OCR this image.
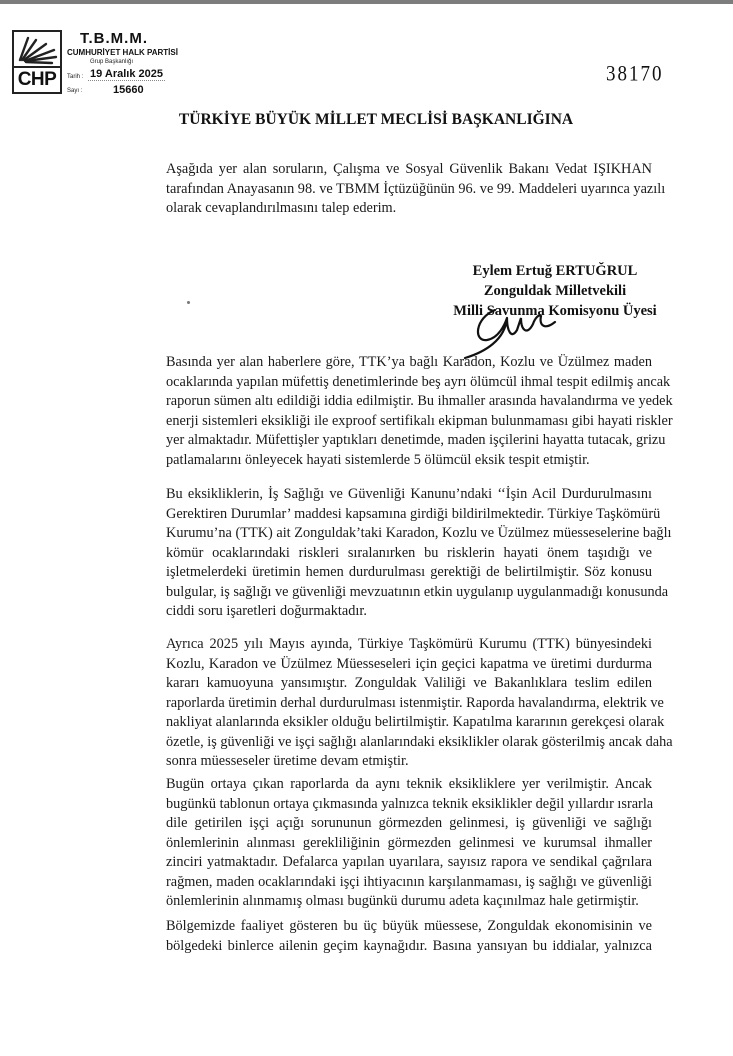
CHP
T.B.M.M.
CUMHURİYET HALK PARTİSİ
Grup Başkanlığı
Tarih : 19 Aralık 2025
Sayı :	15660
38170
TÜRKİYE BÜYÜK MİLLET MECLİSİ BAŞKANLIĞINA

Aşağıda yer alan soruların, Çalışma ve Sosyal Güvenlik Bakanı Vedat IŞIKHAN
tarafından Anayasanın 98. ve TBMM İçtüzüğünün 96. ve 99. Maddeleri uyarınca yazılı
olarak cevaplandırılmasını talep ederim.

Eylem Ertuğ ERTUĞRUL
Zonguldak Milletvekili
Milli Savunma Komisyonu Üyesi

Basında yer alan haberlere göre, TTK’ya bağlı Karadon, Kozlu ve Üzülmez maden
ocaklarında yapılan müfettiş denetimlerinde beş ayrı ölümcül ihmal tespit edilmiş ancak
raporun sümen altı edildiği iddia edilmiştir. Bu ihmaller arasında havalandırma ve yedek
enerji sistemleri eksikliği ile exproof sertifikalı ekipman bulunmaması gibi hayati riskler
yer almaktadır. Müfettişler yaptıkları denetimde, maden işçilerini hayatta tutacak, grizu
patlamalarını önleyecek hayati sistemlerde 5 ölümcül eksik tespit etmiştir.

Bu eksikliklerin, İş Sağlığı ve Güvenliği Kanunu’ndaki ‘‘İşin Acil Durdurulmasını
Gerektiren Durumlar’ maddesi kapsamına girdiği bildirilmektedir. Türkiye Taşkömürü
Kurumu’na (TTK) ait Zonguldak’taki Karadon, Kozlu ve Üzülmez müesseselerine bağlı
kömür ocaklarındaki riskleri sıralanırken bu risklerin hayati önem taşıdığı ve
işletmelerdeki üretimin hemen durdurulması gerektiği de belirtilmiştir. Söz konusu
bulgular, iş sağlığı ve güvenliği mevzuatının etkin uygulanıp uygulanmadığı konusunda
ciddi soru işaretleri doğurmaktadır.

Ayrıca 2025 yılı Mayıs ayında, Türkiye Taşkömürü Kurumu (TTK) bünyesindeki
Kozlu, Karadon ve Üzülmez Müesseseleri için geçici kapatma ve üretimi durdurma
kararı kamuoyuna yansımıştır. Zonguldak Valiliği ve Bakanlıklara teslim edilen
raporlarda üretimin derhal durdurulması istenmiştir. Raporda havalandırma, elektrik ve
nakliyat alanlarında eksikler olduğu belirtilmiştir. Kapatılma kararının gerekçesi olarak
özetle, iş güvenliği ve işçi sağlığı alanlarındaki eksiklikler olarak gösterilmiş ancak daha
sonra müesseseler üretime devam etmiştir.

Bugün ortaya çıkan raporlarda da aynı teknik eksikliklere yer verilmiştir. Ancak
bugünkü tablonun ortaya çıkmasında yalnızca teknik eksiklikler değil yıllardır ısrarla
dile getirilen işçi açığı sorununun görmezden gelinmesi, iş güvenliği ve sağlığı
önlemlerinin alınması gerekliliğinin görmezden gelinmesi ve kurumsal ihmaller
zinciri yatmaktadır. Defalarca yapılan uyarılara, sayısız rapora ve sendikal çağrılara
rağmen, maden ocaklarındaki işçi ihtiyacının karşılanmaması, iş sağlığı ve güvenliği
önlemlerinin alınmamış olması bugünkü durumu adeta kaçınılmaz hale getirmiştir.

Bölgemizde faaliyet gösteren bu üç büyük müessese, Zonguldak ekonomisinin ve
bölgedeki binlerce ailenin geçim kaynağıdır. Basına yansıyan bu iddialar, yalnızca
